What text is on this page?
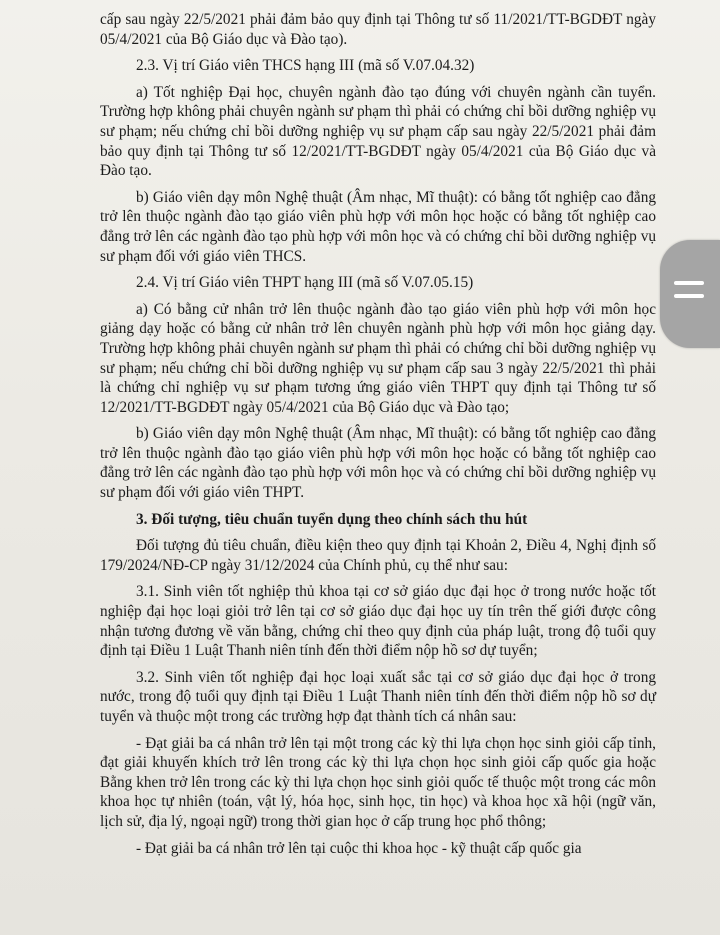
cấp sau ngày 22/5/2021 phải đảm bảo quy định tại Thông tư số 11/2021/TT-BGDĐT ngày 05/4/2021 của Bộ Giáo dục và Đào tạo).

2.3. Vị trí Giáo viên THCS hạng III (mã số V.07.04.32)

a) Tốt nghiệp Đại học, chuyên ngành đào tạo đúng với chuyên ngành cần tuyển. Trường hợp không phải chuyên ngành sư phạm thì phải có chứng chỉ bồi dưỡng nghiệp vụ sư phạm; nếu chứng chỉ bồi dưỡng nghiệp vụ sư phạm cấp sau ngày 22/5/2021 phải đảm bảo quy định tại Thông tư số 12/2021/TT-BGDĐT ngày 05/4/2021 của Bộ Giáo dục và Đào tạo.

b) Giáo viên dạy môn Nghệ thuật (Âm nhạc, Mĩ thuật): có bằng tốt nghiệp cao đẳng trở lên thuộc ngành đào tạo giáo viên phù hợp với môn học hoặc có bằng tốt nghiệp cao đẳng trở lên các ngành đào tạo phù hợp với môn học và có chứng chỉ bồi dưỡng nghiệp vụ sư phạm đối với giáo viên THCS.

2.4. Vị trí Giáo viên THPT hạng III (mã số V.07.05.15)

a) Có bằng cử nhân trở lên thuộc ngành đào tạo giáo viên phù hợp với môn học giảng dạy hoặc có bằng cử nhân trở lên chuyên ngành phù hợp với môn học giảng dạy. Trường hợp không phải chuyên ngành sư phạm thì phải có chứng chỉ bồi dưỡng nghiệp vụ sư phạm; nếu chứng chỉ bồi dưỡng nghiệp vụ sư phạm cấp sau 3 ngày 22/5/2021 thì phải là chứng chỉ nghiệp vụ sư phạm tương ứng giáo viên THPT quy định tại Thông tư số 12/2021/TT-BGDĐT ngày 05/4/2021 của Bộ Giáo dục và Đào tạo;

b) Giáo viên dạy môn Nghệ thuật (Âm nhạc, Mĩ thuật): có bằng tốt nghiệp cao đẳng trở lên thuộc ngành đào tạo giáo viên phù hợp với môn học hoặc có bằng tốt nghiệp cao đẳng trở lên các ngành đào tạo phù hợp với môn học và có chứng chỉ bồi dưỡng nghiệp vụ sư phạm đối với giáo viên THPT.

3. Đối tượng, tiêu chuẩn tuyển dụng theo chính sách thu hút

Đối tượng đủ tiêu chuẩn, điều kiện theo quy định tại Khoản 2, Điều 4, Nghị định số 179/2024/NĐ-CP ngày 31/12/2024 của Chính phủ, cụ thể như sau:

3.1. Sinh viên tốt nghiệp thủ khoa tại cơ sở giáo dục đại học ở trong nước hoặc tốt nghiệp đại học loại giỏi trở lên tại cơ sở giáo dục đại học uy tín trên thế giới được công nhận tương đương về văn bằng, chứng chỉ theo quy định của pháp luật, trong độ tuổi quy định tại Điều 1 Luật Thanh niên tính đến thời điểm nộp hồ sơ dự tuyển;

3.2. Sinh viên tốt nghiệp đại học loại xuất sắc tại cơ sở giáo dục đại học ở trong nước, trong độ tuổi quy định tại Điều 1 Luật Thanh niên tính đến thời điểm nộp hồ sơ dự tuyển và thuộc một trong các trường hợp đạt thành tích cá nhân sau:

- Đạt giải ba cá nhân trở lên tại một trong các kỳ thi lựa chọn học sinh giỏi cấp tỉnh, đạt giải khuyến khích trở lên trong các kỳ thi lựa chọn học sinh giỏi cấp quốc gia hoặc Bằng khen trở lên trong các kỳ thi lựa chọn học sinh giỏi quốc tế thuộc một trong các môn khoa học tự nhiên (toán, vật lý, hóa học, sinh học, tin học) và khoa học xã hội (ngữ văn, lịch sử, địa lý, ngoại ngữ) trong thời gian học ở cấp trung học phổ thông;

- Đạt giải ba cá nhân trở lên tại cuộc thi khoa học - kỹ thuật cấp quốc gia
